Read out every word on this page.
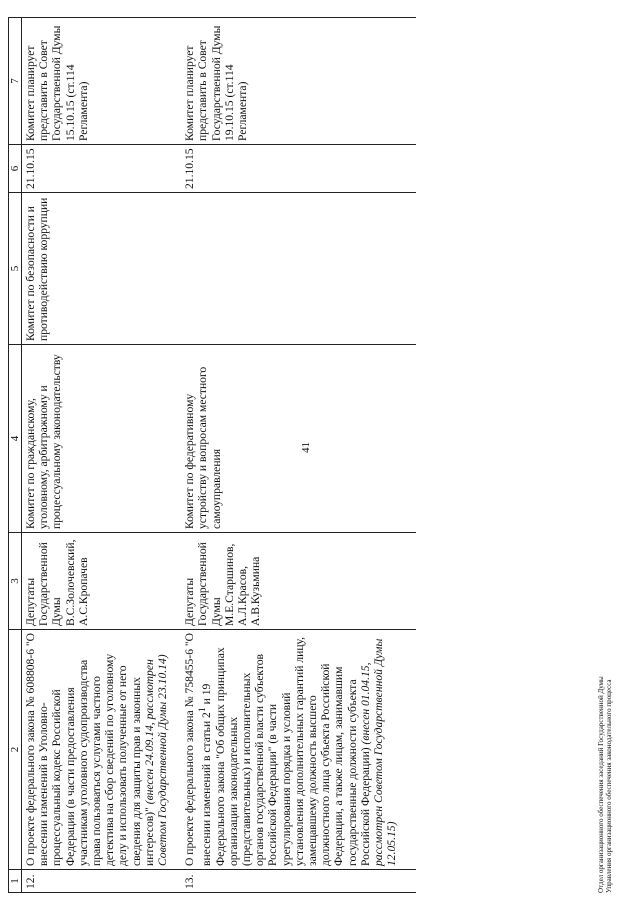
41
1	2	3	4	5	6	7
12.	О проекте федерального закона № 608808-6 "О внесении изменений в Уголовно-процессуальный кодекс Российской Федерации (в части предоставления участникам уголовного судопроизводства права пользоваться услугами частного детектива на сбор сведений по уголовному делу и использовать полученные от него сведения для защиты прав и законных интересов)" (внесен 24.09.14, рассмотрен Советом Государственной Думы 23.10.14)	Депутаты Государственной Думы В.С.Золочевский, А.С.Кропачев	Комитет по гражданскому, уголовному, арбитражному и процессуальному законодательству	Комитет по безопасности и противодействию коррупции	21.10.15	Комитет планирует представить в Совет Государственной Думы 15.10.15 (ст.114 Регламента)
13.	О проекте федерального закона № 758455-6 "О внесении изменений в статьи $2^1$ и 19 Федерального закона "Об общих принципах организации законодательных (представительных) и исполнительных органов государственной власти субъектов Российской Федерации" (в части урегулирования порядка и условий установления дополнительных гарантий лицу, замещавшему должность высшего должностного лица субъекта Российской Федерации, а также лицам, занимавшим государственные должности субъекта Российской Федерации) (внесен 01.04.15, рассмотрен Советом Государственной Думы 12.05.15)	Депутаты Государственной Думы М.Е.Старшинов, А.Л.Красов, А.В.Кузьмина	Комитет по федеративному устройству и вопросам местного самоуправления		21.10.15	Комитет планирует представить в Совет Государственной Думы 19.10.15 (ст.114 Регламента)

Отдел организационного обеспечения заседаний Государственной Думы Управления организационного обеспечения законодательного процесса
